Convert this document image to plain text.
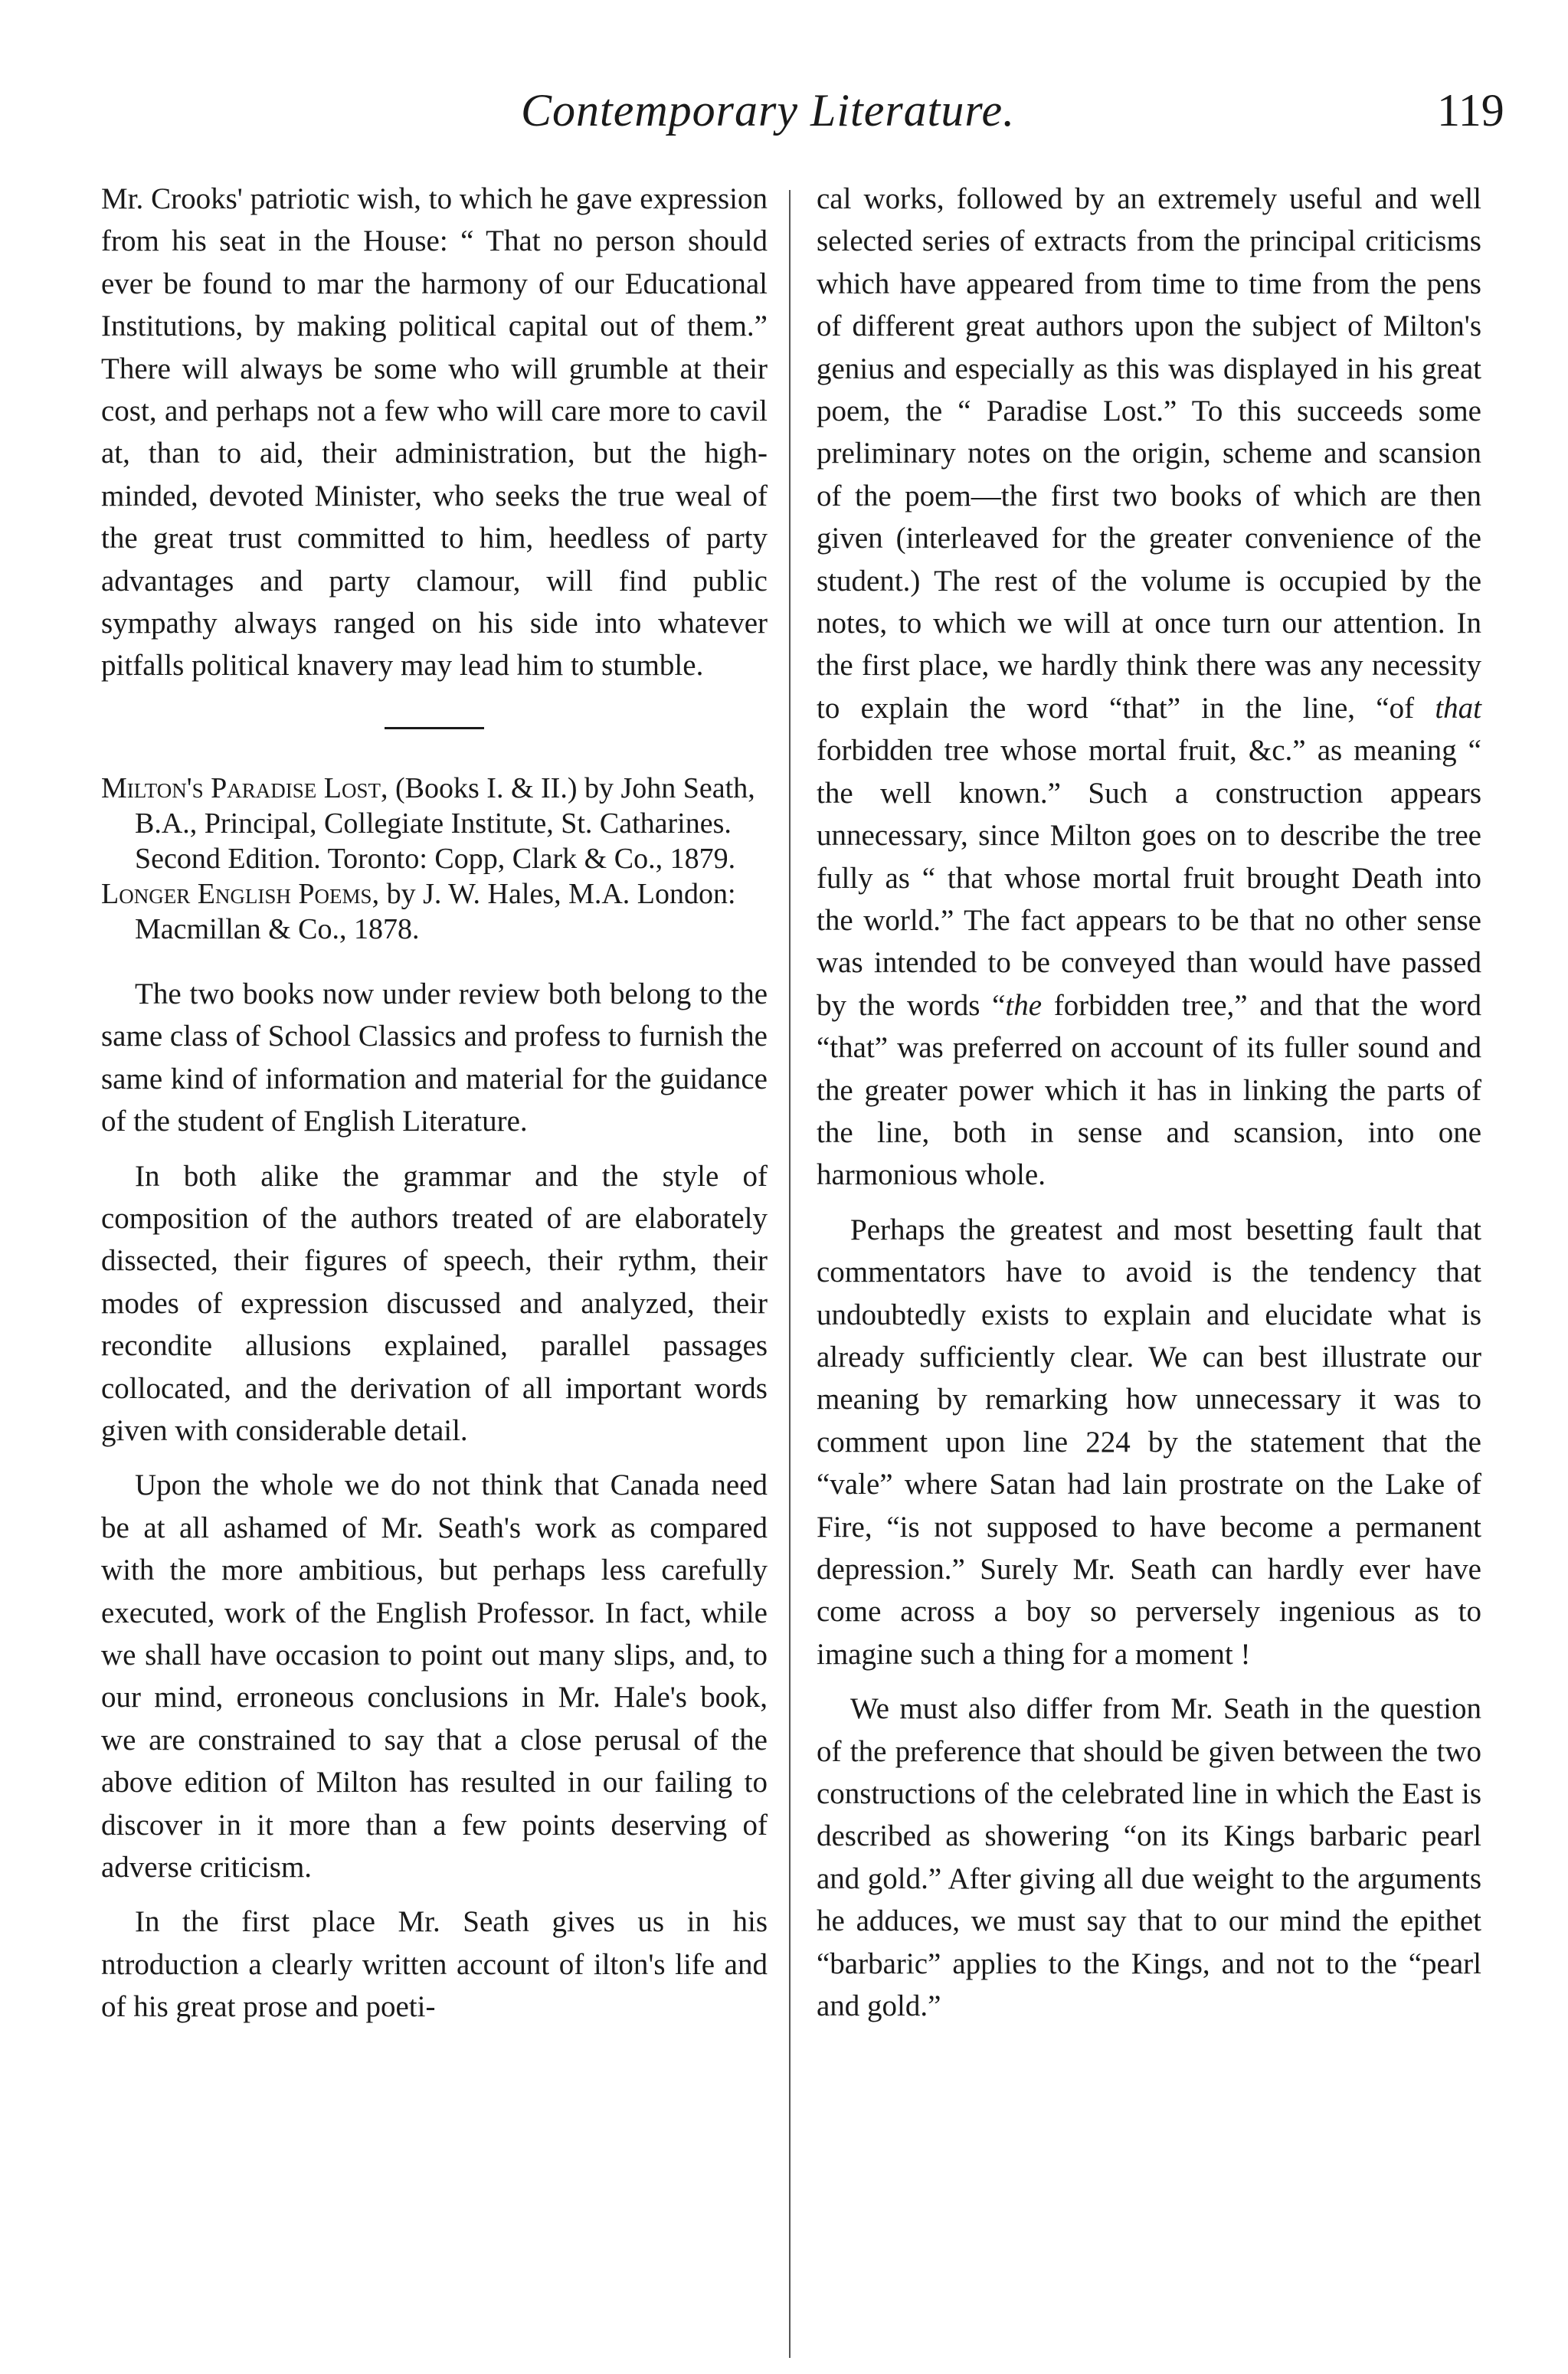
Contemporary Literature.	119

Mr. Crooks' patriotic wish, to which he gave expression from his seat in the House: “ That no person should ever be found to mar the harmony of our Educational Institutions, by making political capital out of them.” There will always be some who will grumble at their cost, and perhaps not a few who will care more to cavil at, than to aid, their administration, but the high-minded, devoted Minister, who seeks the true weal of the great trust committed to him, heedless of party advantages and party clamour, will find public sympathy always ranged on his side into whatever pitfalls political knavery may lead him to stumble.

Milton's Paradise Lost, (Books I. & II.) by John Seath, B.A., Principal, Collegiate Institute, St. Catharines. Second Edition. Toronto: Copp, Clark & Co., 1879.

Longer English Poems, by J. W. Hales, M.A. London: Macmillan & Co., 1878.

The two books now under review both belong to the same class of School Classics and profess to furnish the same kind of information and material for the guidance of the student of English Literature.

In both alike the grammar and the style of composition of the authors treated of are elaborately dissected, their figures of speech, their rythm, their modes of expression discussed and analyzed, their recondite allusions explained, parallel passages collocated, and the derivation of all important words given with considerable detail.

Upon the whole we do not think that Canada need be at all ashamed of Mr. Seath's work as compared with the more ambitious, but perhaps less carefully executed, work of the English Professor. In fact, while we shall have occasion to point out many slips, and, to our mind, erroneous conclusions in Mr. Hale's book, we are constrained to say that a close perusal of the above edition of Milton has resulted in our failing to discover in it more than a few points deserving of adverse criticism.

In the first place Mr. Seath gives us in his ntroduction a clearly written account of ilton's life and of his great prose and poeti-

cal works, followed by an extremely useful and well selected series of extracts from the principal criticisms which have appeared from time to time from the pens of different great authors upon the subject of Milton's genius and especially as this was displayed in his great poem, the “ Paradise Lost.” To this succeeds some preliminary notes on the origin, scheme and scansion of the poem—the first two books of which are then given (interleaved for the greater convenience of the student.) The rest of the volume is occupied by the notes, to which we will at once turn our attention. In the first place, we hardly think there was any necessity to explain the word “that” in the line, “of that forbidden tree whose mortal fruit, &c.” as meaning “ the well known.” Such a construction appears unnecessary, since Milton goes on to describe the tree fully as “ that whose mortal fruit brought Death into the world.” The fact appears to be that no other sense was intended to be conveyed than would have passed by the words “the forbidden tree,” and that the word “that” was preferred on account of its fuller sound and the greater power which it has in linking the parts of the line, both in sense and scansion, into one harmonious whole.

Perhaps the greatest and most besetting fault that commentators have to avoid is the tendency that undoubtedly exists to explain and elucidate what is already sufficiently clear. We can best illustrate our meaning by remarking how unnecessary it was to comment upon line 224 by the statement that the “vale” where Satan had lain prostrate on the Lake of Fire, “is not supposed to have become a permanent depression.” Surely Mr. Seath can hardly ever have come across a boy so perversely ingenious as to imagine such a thing for a moment !

We must also differ from Mr. Seath in the question of the preference that should be given between the two constructions of the celebrated line in which the East is described as showering “on its Kings barbaric pearl and gold.” After giving all due weight to the arguments he adduces, we must say that to our mind the epithet “barbaric” applies to the Kings, and not to the “pearl and gold.”
